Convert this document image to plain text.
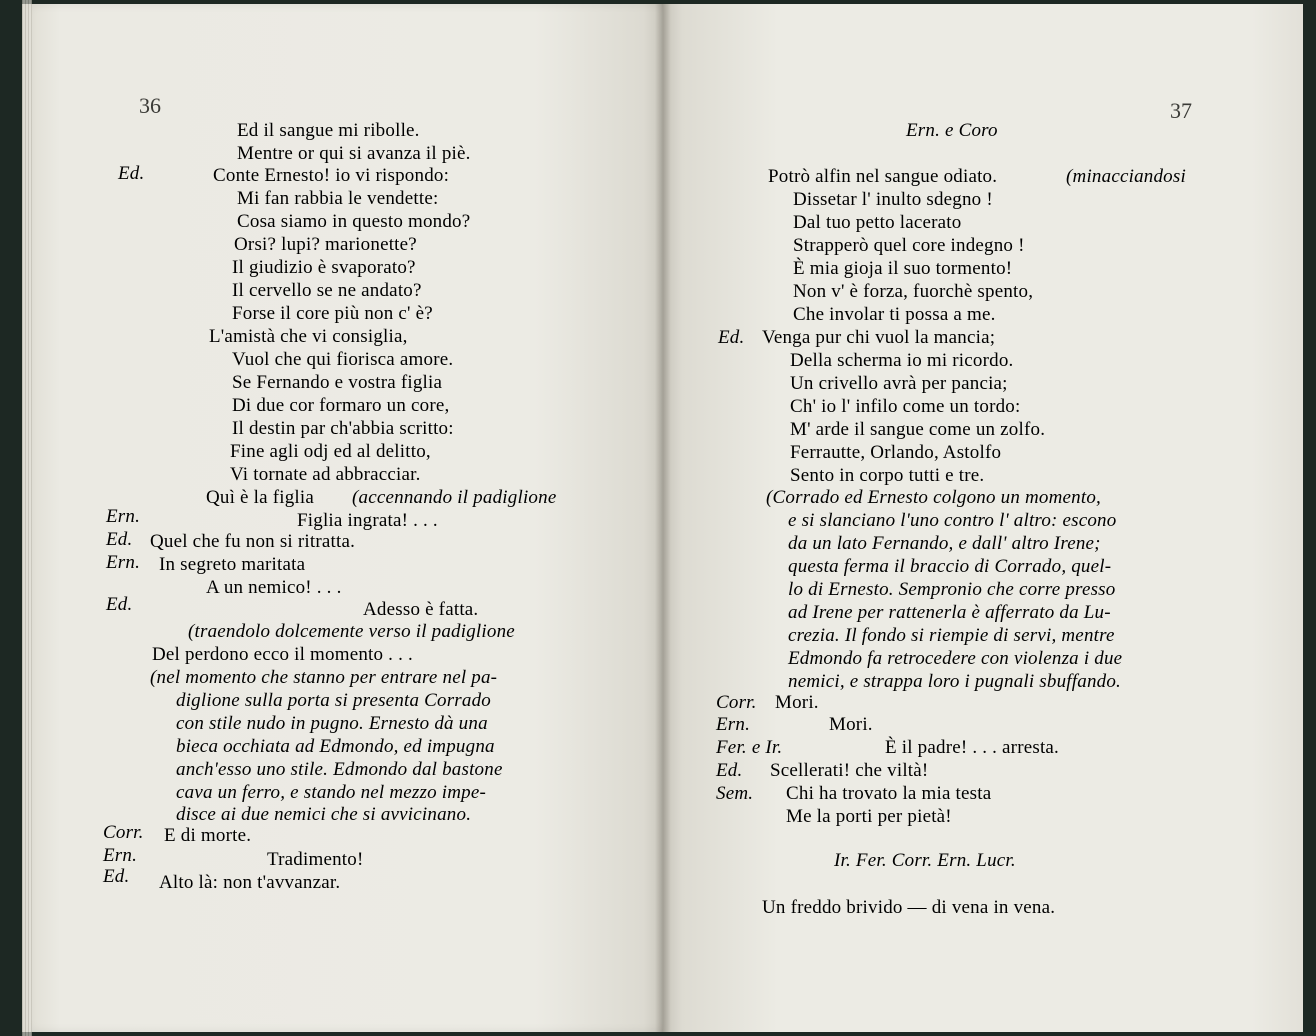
36
Ed il sangue mi ribolle.
Mentre or qui si avanza il piè.
Ed.	Conte Ernesto! io vi rispondo:
Mi fan rabbia le vendette:
Cosa siamo in questo mondo?
Orsi? lupi? marionette?
Il giudizio è svaporato?
Il cervello se ne andato?
Forse il core più non c' è?
L'amistà che vi consiglia,
Vuol che qui fiorisca amore.
Se Fernando e vostra figlia
Di due cor formaro un core,
Il destin par ch'abbia scritto:
Fine agli odj ed al delitto,
Vi tornate ad abbracciar.
Quì è la figlia (accennando il padiglione
Ern.	Figlia ingrata! . . .
Ed. Quel che fu non si ritratta.
Ern. In segreto maritata
A un nemico! . . .
Ed.	Adesso è fatta.
(traendolo dolcemente verso il padiglione
Del perdono ecco il momento . . .
(nel momento che stanno per entrare nel pa-
diglione sulla porta si presenta Corrado
con stile nudo in pugno. Ernesto dà una
bieca occhiata ad Edmondo, ed impugna
anch'esso uno stile. Edmondo dal bastone
cava un ferro, e stando nel mezzo impe-
disce ai due nemici che si avvicinano.
Corr. E di morte.
Ern.	Tradimento!
Ed. Alto là: non t'avvanzar.
37
Ern. e Coro
Potrò alfin nel sangue odiato.	(minacciandosi
Dissetar l' inulto sdegno !
Dal tuo petto lacerato
Strapperò quel core indegno !
È mia gioja il suo tormento!
Non v' è forza, fuorchè spento,
Che involar ti possa a me.
Ed. Venga pur chi vuol la mancia;
Della scherma io mi ricordo.
Un crivello avrà per pancia;
Ch' io l' infilo come un tordo:
M' arde il sangue come un zolfo.
Ferrautte, Orlando, Astolfo
Sento in corpo tutti e tre.
(Corrado ed Ernesto colgono un momento,
e si slanciano l'uno contro l' altro: escono
da un lato Fernando, e dall' altro Irene;
questa ferma il braccio di Corrado, quel-
lo di Ernesto. Sempronio che corre presso
ad Irene per rattenerla è afferrato da Lu-
crezia. Il fondo si riempie di servi, mentre
Edmondo fa retrocedere con violenza i due
nemici, e strappa loro i pugnali sbuffando.
Corr. Mori.
Ern.	Mori.
Fer. e Ir.	È il padre! . . . arresta.
Ed. Scellerati! che viltà!
Sem. Chi ha trovato la mia testa
Me la porti per pietà!
Ir. Fer. Corr. Ern. Lucr.
Un freddo brivido — di vena in vena.
